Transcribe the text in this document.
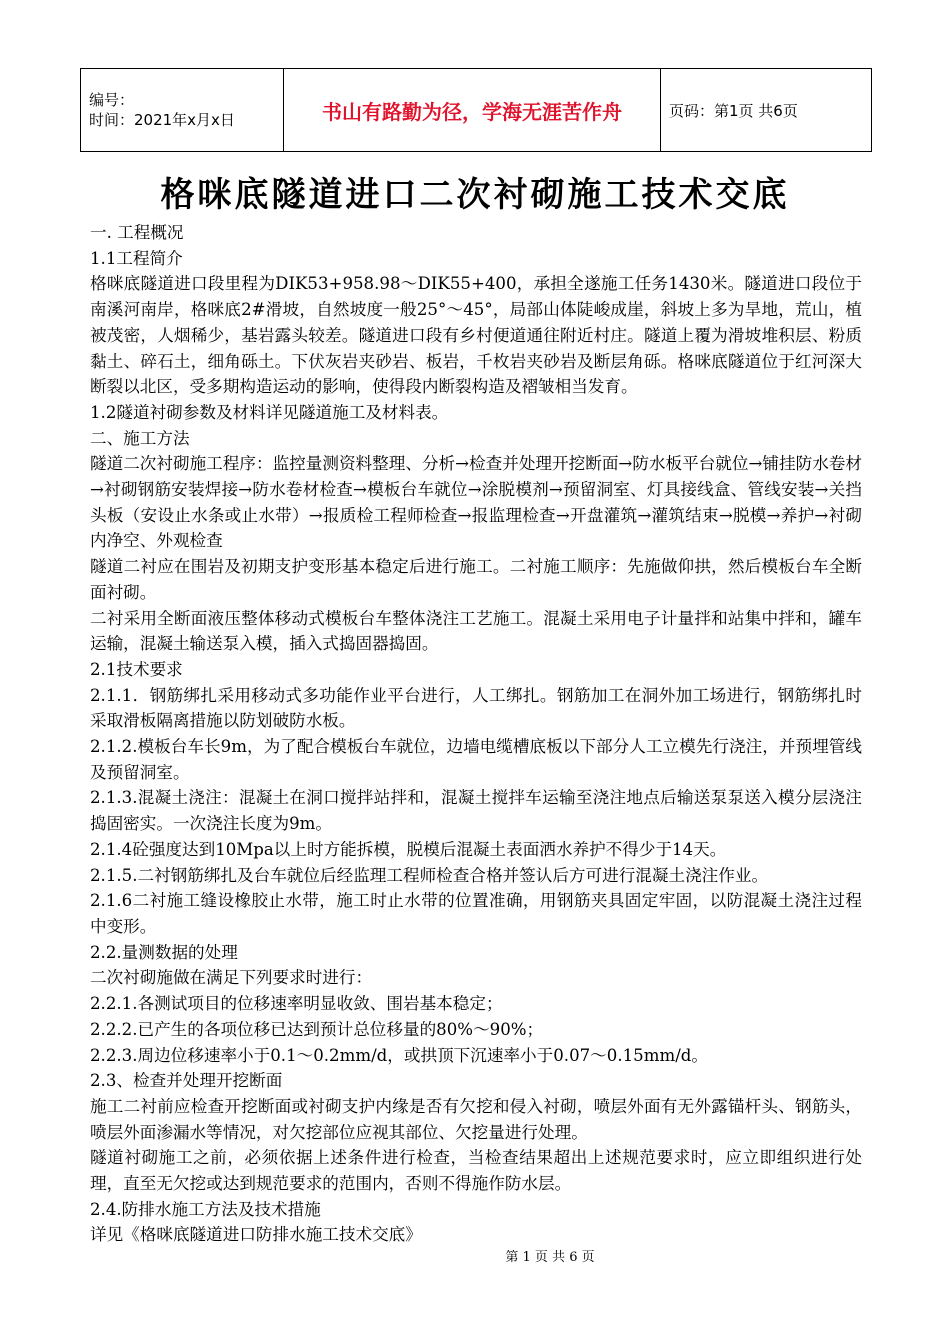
编号：
时间：2021年x月x日	书山有路勤为径，学海无涯苦作舟	页码：第1页 共6页
格咪底隧道进口二次衬砌施工技术交底

一. 工程概况

1.1工程简介

格咪底隧道进口段里程为DIK53+958.98～DIK55+400，承担全遂施工任务1430米。隧道进口段位于南溪河南岸，格咪底2#滑坡，自然坡度一般25°～45°，局部山体陡峻成崖，斜坡上多为旱地，荒山，植被茂密，人烟稀少，基岩露头较差。隧道进口段有乡村便道通往附近村庄。隧道上覆为滑坡堆积层、粉质黏土、碎石土，细角砾土。下伏灰岩夹砂岩、板岩，千枚岩夹砂岩及断层角砾。格咪底隧道位于红河深大断裂以北区，受多期构造运动的影响，使得段内断裂构造及褶皱相当发育。

1.2隧道衬砌参数及材料详见隧道施工及材料表。

二、施工方法

隧道二次衬砌施工程序：监控量测资料整理、分析→检查并处理开挖断面→防水板平台就位→铺挂防水卷材→衬砌钢筋安装焊接→防水卷材检查→模板台车就位→涂脱模剂→预留洞室、灯具接线盒、管线安装→关挡头板（安设止水条或止水带）→报质检工程师检查→报监理检查→开盘灌筑→灌筑结束→脱模→养护→衬砌内净空、外观检查

隧道二衬应在围岩及初期支护变形基本稳定后进行施工。二衬施工顺序：先施做仰拱，然后模板台车全断面衬砌。

二衬采用全断面液压整体移动式模板台车整体浇注工艺施工。混凝土采用电子计量拌和站集中拌和，罐车运输，混凝土输送泵入模，插入式捣固器捣固。

2.1技术要求

2.1.1．钢筋绑扎采用移动式多功能作业平台进行，人工绑扎。钢筋加工在洞外加工场进行，钢筋绑扎时采取滑板隔离措施以防划破防水板。

2.1.2.模板台车长9m，为了配合模板台车就位，边墙电缆槽底板以下部分人工立模先行浇注，并预埋管线及预留洞室。

2.1.3.混凝土浇注：混凝土在洞口搅拌站拌和，混凝土搅拌车运输至浇注地点后输送泵泵送入模分层浇注捣固密实。一次浇注长度为9m。

2.1.4砼强度达到10Mpa以上时方能拆模，脱模后混凝土表面洒水养护不得少于14天。

2.1.5.二衬钢筋绑扎及台车就位后经监理工程师检查合格并签认后方可进行混凝土浇注作业。

2.1.6二衬施工缝设橡胶止水带，施工时止水带的位置准确，用钢筋夹具固定牢固，以防混凝土浇注过程中变形。

2.2.量测数据的处理

二次衬砌施做在满足下列要求时进行：

2.2.1.各测试项目的位移速率明显收敛、围岩基本稳定；

2.2.2.已产生的各项位移已达到预计总位移量的80%～90%；

2.2.3.周边位移速率小于0.1～0.2mm/d，或拱顶下沉速率小于0.07～0.15mm/d。

2.3、检查并处理开挖断面

施工二衬前应检查开挖断面或衬砌支护内缘是否有欠挖和侵入衬砌，喷层外面有无外露锚杆头、钢筋头，喷层外面渗漏水等情况，对欠挖部位应视其部位、欠挖量进行处理。

隧道衬砌施工之前，必须依据上述条件进行检查，当检查结果超出上述规范要求时，应立即组织进行处理，直至无欠挖或达到规范要求的范围内，否则不得施作防水层。

2.4.防排水施工方法及技术措施

详见《格咪底隧道进口防排水施工技术交底》

第 1 页 共 6 页
